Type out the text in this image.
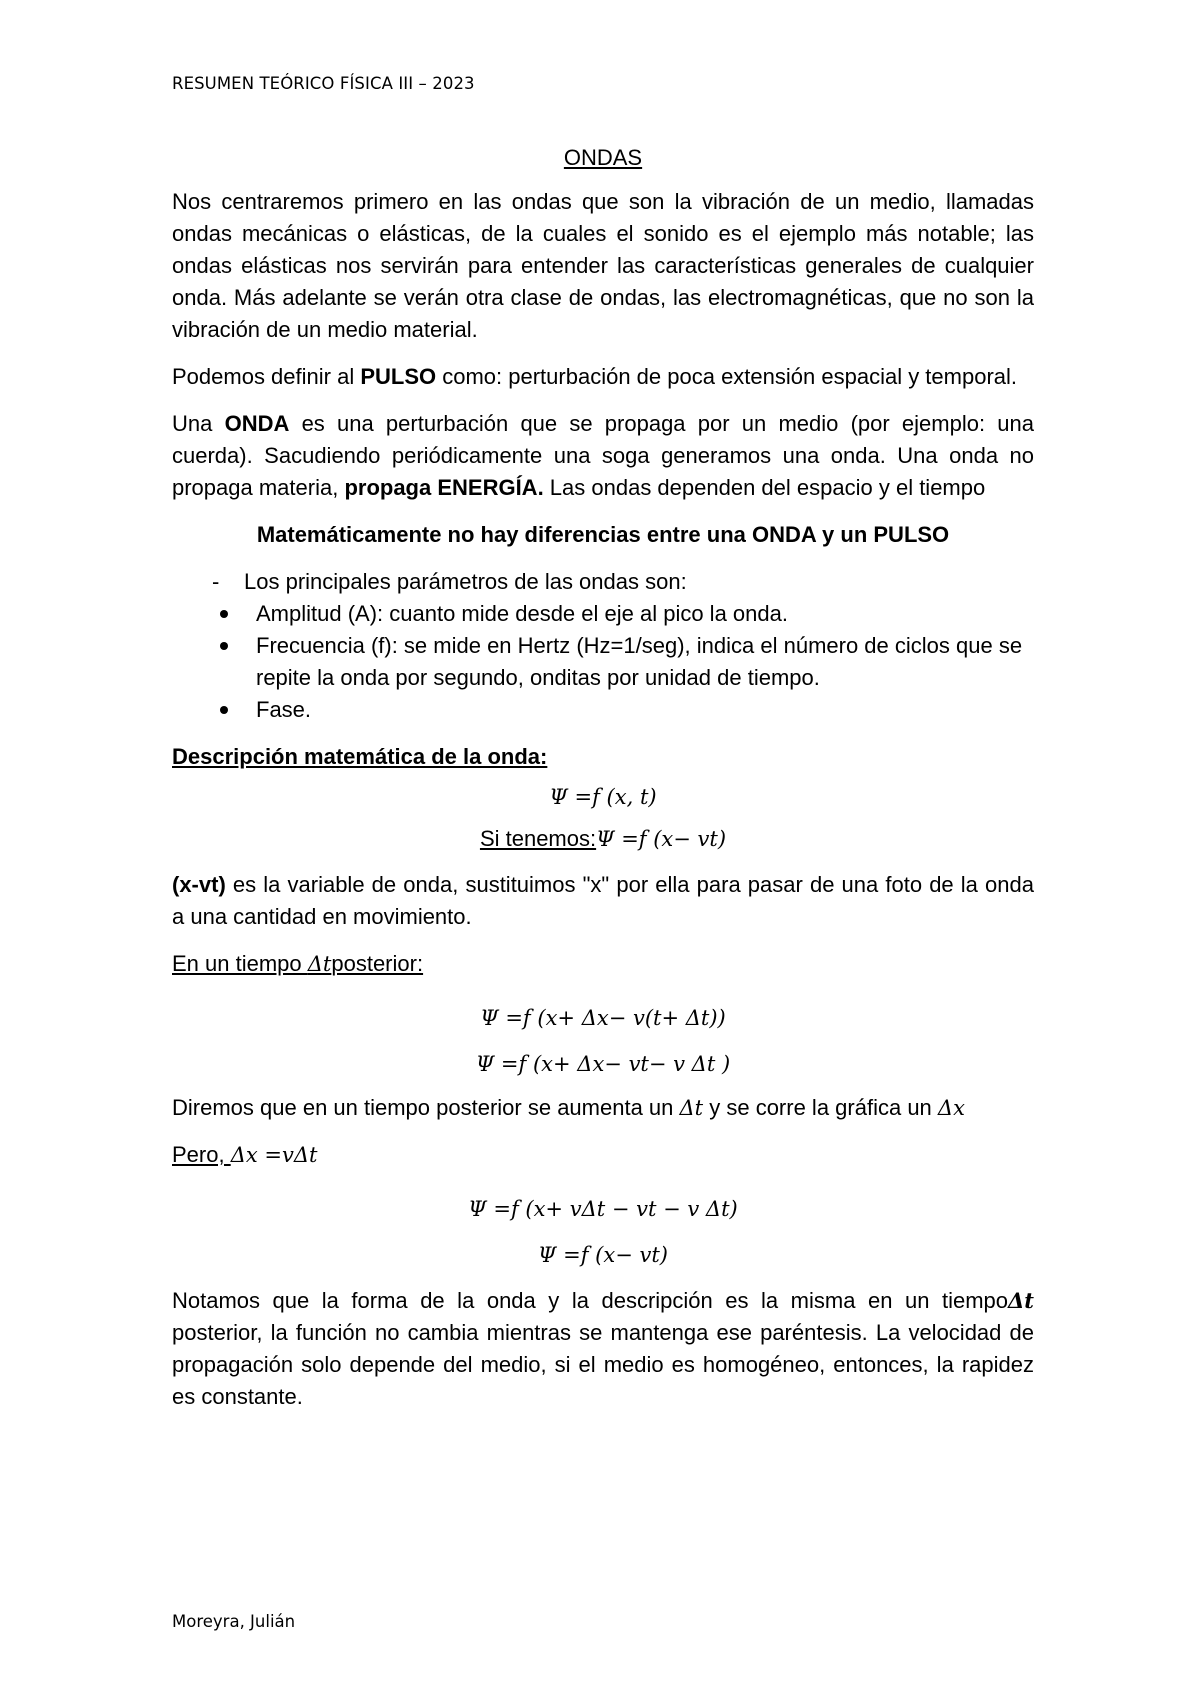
RESUMEN TEÓRICO FÍSICA III – 2023
ONDAS

Nos centraremos primero en las ondas que son la vibración de un medio, llamadas ondas mecánicas o elásticas, de la cuales el sonido es el ejemplo más notable; las ondas elásticas nos servirán para entender las características generales de cualquier onda. Más adelante se verán otra clase de ondas, las electromagnéticas, que no son la vibración de un medio material.

Podemos definir al PULSO como: perturbación de poca extensión espacial y temporal.

Una ONDA es una perturbación que se propaga por un medio (por ejemplo: una cuerda). Sacudiendo periódicamente una soga generamos una onda. Una onda no propaga materia, propaga ENERGÍA. Las ondas dependen del espacio y el tiempo

Matemáticamente no hay diferencias entre una ONDA y un PULSO

- Los principales parámetros de las ondas son:
Amplitud (A): cuanto mide desde el eje al pico la onda.
Frecuencia (f): se mide en Hertz (Hz=1/seg), indica el número de ciclos que se repite la onda por segundo, onditas por unidad de tiempo.
Fase.

Descripción matemática de la onda:

Ψ =f (x, t)
Si tenemos:Ψ =f (x− vt)

(x-vt) es la variable de onda, sustituimos "x" por ella para pasar de una foto de la onda a una cantidad en movimiento.

En un tiempo Δtposterior:

Ψ =f (x+ Δx− v(t+ Δt))
Ψ =f (x+ Δx− vt− v Δt )

Diremos que en un tiempo posterior se aumenta un Δt y se corre la gráfica un Δx

Pero, Δx =vΔt

Ψ =f (x+ vΔt − vt − v Δt)
Ψ =f (x− vt)

Notamos que la forma de la onda y la descripción es la misma en un tiempoΔt posterior, la función no cambia mientras se mantenga ese paréntesis. La velocidad de propagación solo depende del medio, si el medio es homogéneo, entonces, la rapidez es constante.

Moreyra, Julián
